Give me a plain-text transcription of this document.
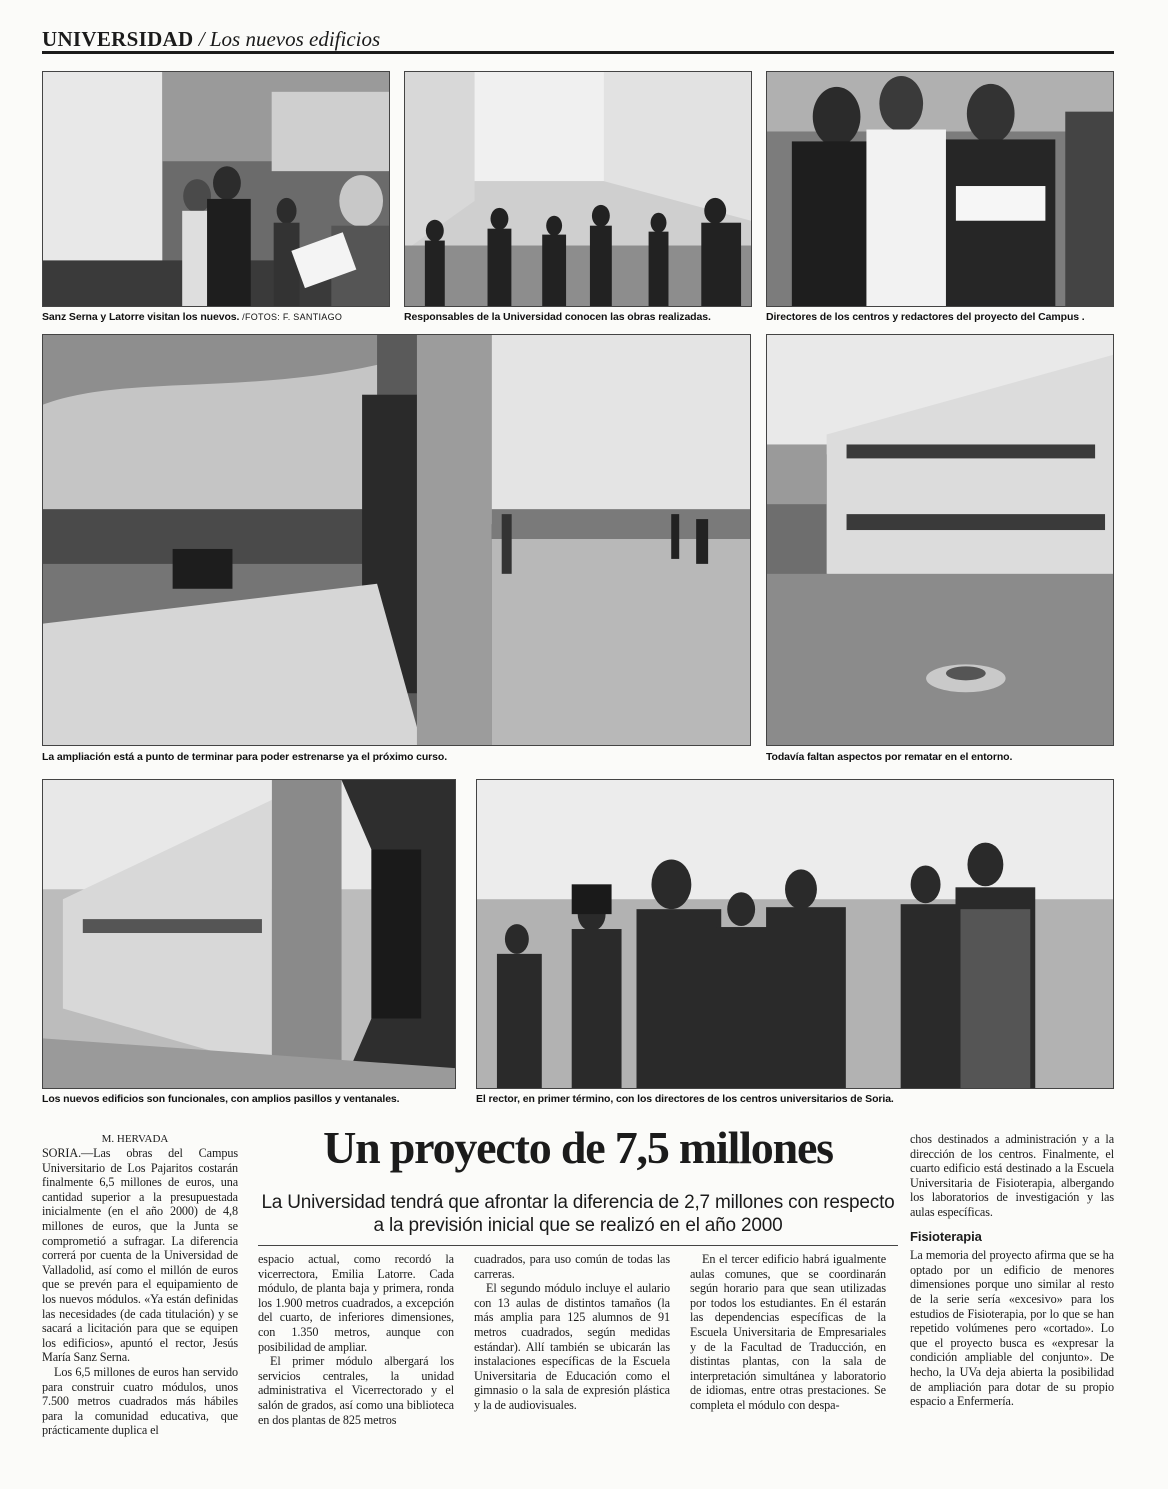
UNIVERSIDAD / Los nuevos edificios
Sanz Serna y Latorre visitan los nuevos. /FOTOS: F. SANTIAGO	Responsables de la Universidad conocen las obras realizadas.	Directores de los centros y redactores del proyecto del Campus .
La ampliación está a punto de terminar para poder estrenarse ya el próximo curso.	Todavía faltan aspectos por rematar en el entorno.
Los nuevos edificios son funcionales, con amplios pasillos y ventanales.	El rector, en primer término, con los directores de los centros universitarios de Soria.
M. HERVADA	Un proyecto de 7,5 millones
La Universidad tendrá que afrontar la diferencia de 2,7 millones con respecto a la previsión inicial que se realizó en el año 2000

SORIA.—Las obras del Campus Universitario de Los Pajaritos costarán finalmente 6,5 millones de euros, una cantidad superior a la presupuestada inicialmente (en el año 2000) de 4,8 millones de euros, que la Junta se comprometió a sufragar. La diferencia correrá por cuenta de la Universidad de Valladolid, así como el millón de euros que se prevén para el equipamiento de los nuevos módulos. «Ya están definidas las necesidades (de cada titulación) y se sacará a licitación para que se equipen los edificios», apuntó el rector, Jesús María Sanz Serna.

Los 6,5 millones de euros han servido para construir cuatro módulos, unos 7.500 metros cuadrados más hábiles para la comunidad educativa, que prácticamente duplica el

espacio actual, como recordó la vicerrectora, Emilia Latorre. Cada módulo, de planta baja y primera, ronda los 1.900 metros cuadrados, a excepción del cuarto, de inferiores dimensiones, con 1.350 metros, aunque con posibilidad de ampliar.

El primer módulo albergará los servicios centrales, la unidad administrativa el Vicerrectorado y el salón de grados, así como una biblioteca en dos plantas de 825 metros

cuadrados, para uso común de todas las carreras.

El segundo módulo incluye el aulario con 13 aulas de distintos tamaños (la más amplia para 125 alumnos de 91 metros cuadrados, según medidas estándar). Allí también se ubicarán las instalaciones específicas de la Escuela Universitaria de Educación como el gimnasio o la sala de expresión plástica y la de audiovisuales.

En el tercer edificio habrá igualmente aulas comunes, que se coordinarán según horario para que sean utilizadas por todos los estudiantes. En él estarán las dependencias específicas de la Escuela Universitaria de Empresariales y de la Facultad de Traducción, en distintas plantas, con la sala de interpretación simultánea y laboratorio de idiomas, entre otras prestaciones. Se completa el módulo con despa-

chos destinados a administración y a la dirección de los centros. Finalmente, el cuarto edificio está destinado a la Escuela Universitaria de Fisioterapia, albergando los laboratorios de investigación y las aulas específicas.

Fisioterapia

La memoria del proyecto afirma que se ha optado por un edificio de menores dimensiones porque uno similar al resto de la serie sería «excesivo» para los estudios de Fisioterapia, por lo que se han repetido volúmenes pero «cortado». Lo que el proyecto busca es «expresar la condición ampliable del conjunto». De hecho, la UVa deja abierta la posibilidad de ampliación para dotar de su propio espacio a Enfermería.
